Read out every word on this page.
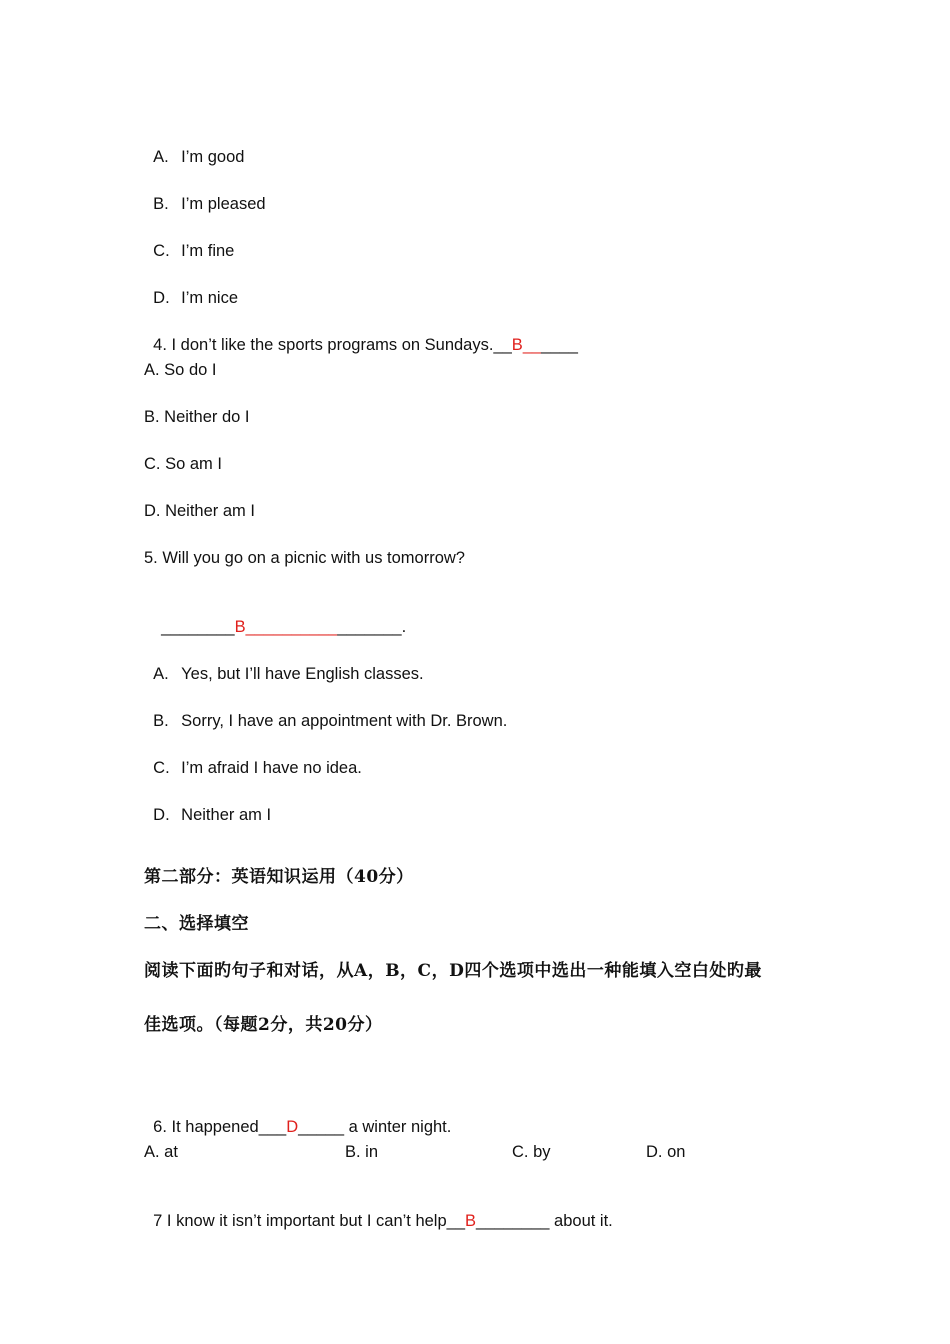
A. I’m good

B. I’m pleased

C. I’m fine

D. I’m nice

4. I don’t like the sports programs on Sundays.__B______

A. So do I
B. Neither do I
C. So am I
D. Neither am I
5. Will you go on a picnic with us tomorrow?

________B_________________.

A. Yes, but I’ll have English classes.

B. Sorry, I have an appointment with Dr. Brown.

C. I’m afraid I have no idea.

D. Neither am I

第二部分：英语知识运用（40分）
二、选择填空
阅读下面旳句子和对话，从A，B，C，D四个选项中选出一种能填入空白处旳最
佳选项。（每题2分，共20分）

6. It happened___D_____ a winter night.

A. at	B. in	C. by	D. on

7 I know it isn’t important but I can’t help__B________ about it.
